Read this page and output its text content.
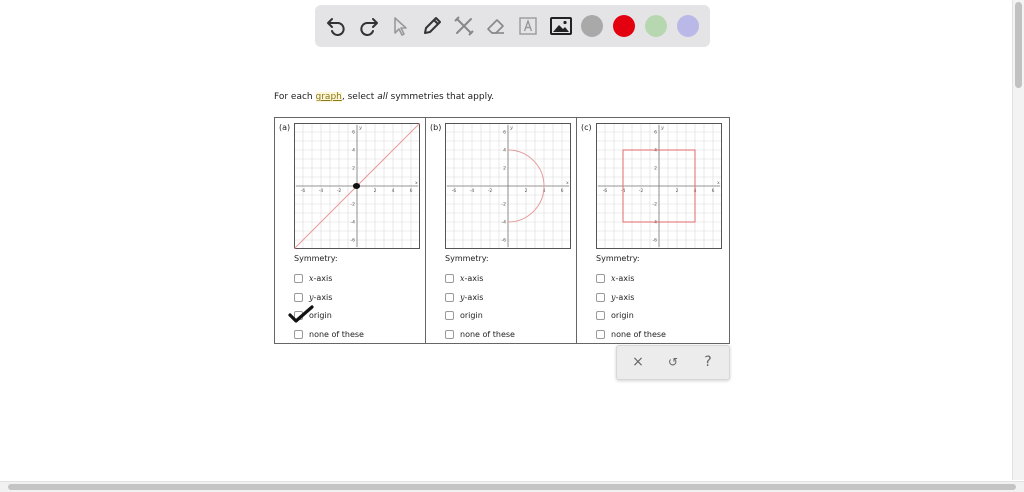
For each graph, select all symmetries that apply.
(a)
-6
-6
-4
-4
-2
-2
2
2
4
4
6
6
x
y
Symmetry:
x -axis
y -axis
origin
none of these
(b)
-6
-6
-4
-4
-2
-2
2
2
4
4
6
6
x
y
Symmetry:
x -axis
y -axis
origin
none of these
(c)
-6
-6
-4
-4
-2
-2
2
2
4
4
6
6
x
y
Symmetry:
x -axis
y -axis
origin
none of these
×	↺	?
